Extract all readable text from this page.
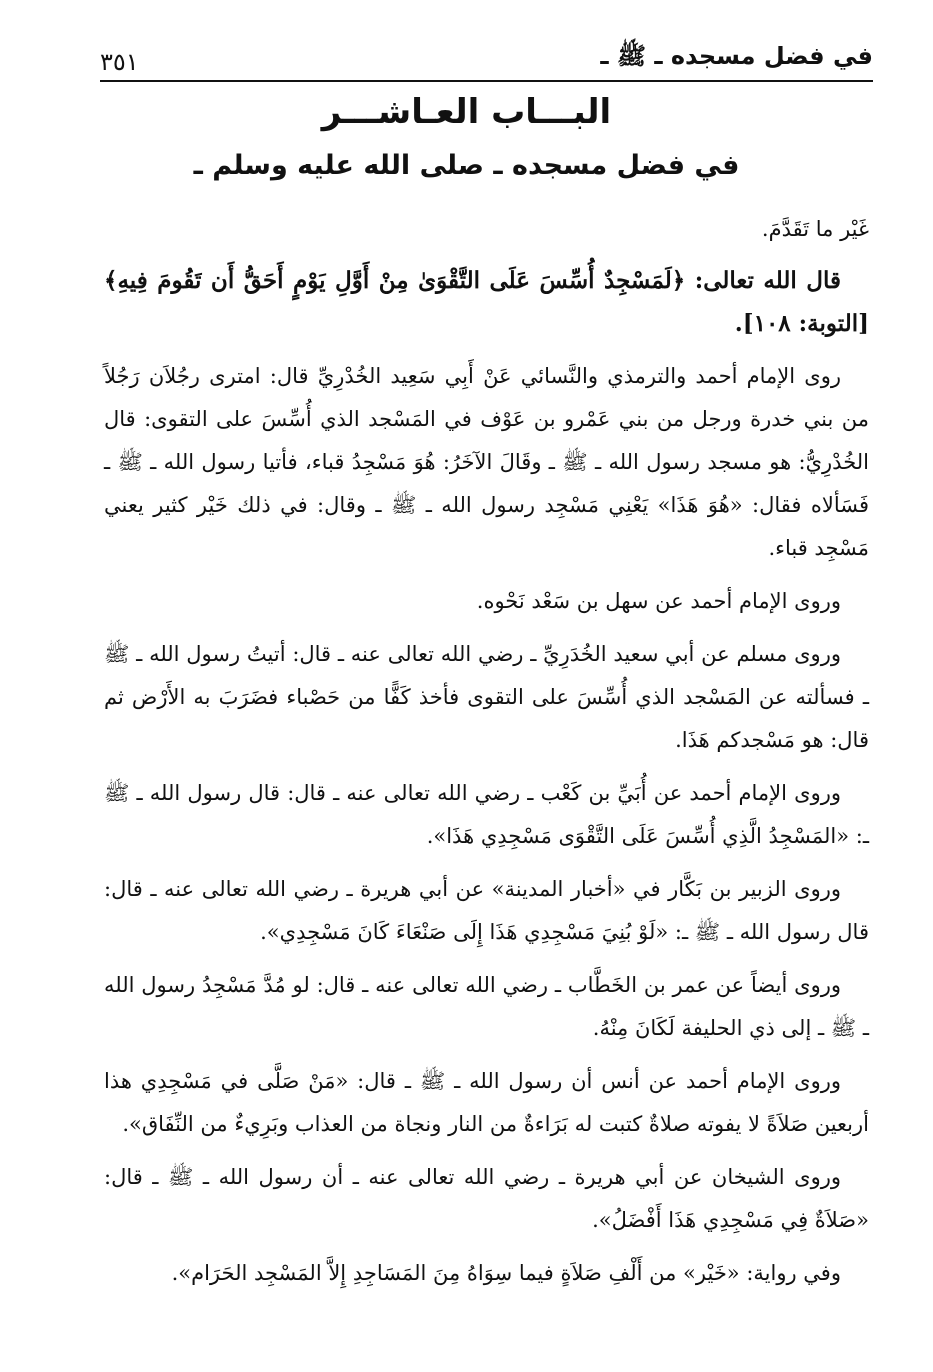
في فضل مسجده ـ ﷺ ـ
٣٥١
البـــاب العـاشـــر
في فضل مسجده ـ صلى الله عليه وسلم ـ

غَيْر ما تَقَدَّمَ.

قال الله تعالى: ﴿لَمَسْجِدٌ أُسِّسَ عَلَى التَّقْوَىٰ مِنْ أَوَّلِ يَوْمٍ أَحَقُّ أَن تَقُومَ فِيهِ﴾ [التوبة: ١٠٨].

روى الإمام أحمد والترمذي والنَّسائي عَنْ أَبِي سَعِيد الخُدْرِيِّ قال: امترى رجُلاَن رَجُلاً من بني خدرة ورجل من بني عَمْرو بن عَوْف في المَسْجد الذي أُسِّسَ على التقوى: قال الخُدْرِيُّ: هو مسجد رسول الله ـ ﷺ ـ وقَالَ الآخَرُ: هُوَ مَسْجِدُ قباء، فأتيا رسول الله ـ ﷺ ـ فَسَألاه فقال: «هُوَ هَذَا» يَعْنِي مَسْجِد رسول الله ـ ﷺ ـ وقال: في ذلك خَيْر كثير يعني مَسْجِد قباء.

وروى الإمام أحمد عن سهل بن سَعْد نَحْوه.

وروى مسلم عن أبي سعيد الخُدَرِيِّ ـ رضي الله تعالى عنه ـ قال: أتيتُ رسول الله ـ ﷺ ـ فسألته عن المَسْجد الذي أُسِّسَ على التقوى فأخذ كَفًّا من حَصْباء فضَرَبَ به الأَرْض ثم قال: هو مَسْجدكم هَذَا.

وروى الإمام أحمد عن أُبَيِّ بن كَعْب ـ رضي الله تعالى عنه ـ قال: قال رسول الله ـ ﷺ ـ: «المَسْجِدُ الَّذِي أُسِّسَ عَلَى التَّقْوَى مَسْجِدِي هَذَا».

وروى الزبير بن بَكَّار في «أخبار المدينة» عن أبي هريرة ـ رضي الله تعالى عنه ـ قال: قال رسول الله ـ ﷺ ـ: «لَوْ بُنِيَ مَسْجِدِي هَذَا إِلَى صَنْعَاءَ كَانَ مَسْجِدِي».

وروى أيضاً عن عمر بن الخَطَّاب ـ رضي الله تعالى عنه ـ قال: لو مُدَّ مَسْجِدُ رسول الله ـ ﷺ ـ إلى ذي الحليفة لَكَانَ مِنْهُ.

وروى الإمام أحمد عن أنس أن رسول الله ـ ﷺ ـ قال: «مَنْ صَلَّى في مَسْجِدِي هذا أربعين صَلاَةً لا يفوته صلاةٌ كتبت له بَرَاءةٌ من النار ونجاة من العذاب وبَرِيءٌ من النِّفَاق».

وروى الشيخان عن أبي هريرة ـ رضي الله تعالى عنه ـ أن رسول الله ـ ﷺ ـ قال: «صَلاَةٌ فِي مَسْجِدِي هَذَا أَفْضَلُ».

وفي رواية: «خَيْر» من أَلْفِ صَلاَةٍ فيما سِوَاهُ مِنَ المَسَاجِدِ إِلاَّ المَسْجِد الحَرَام».
